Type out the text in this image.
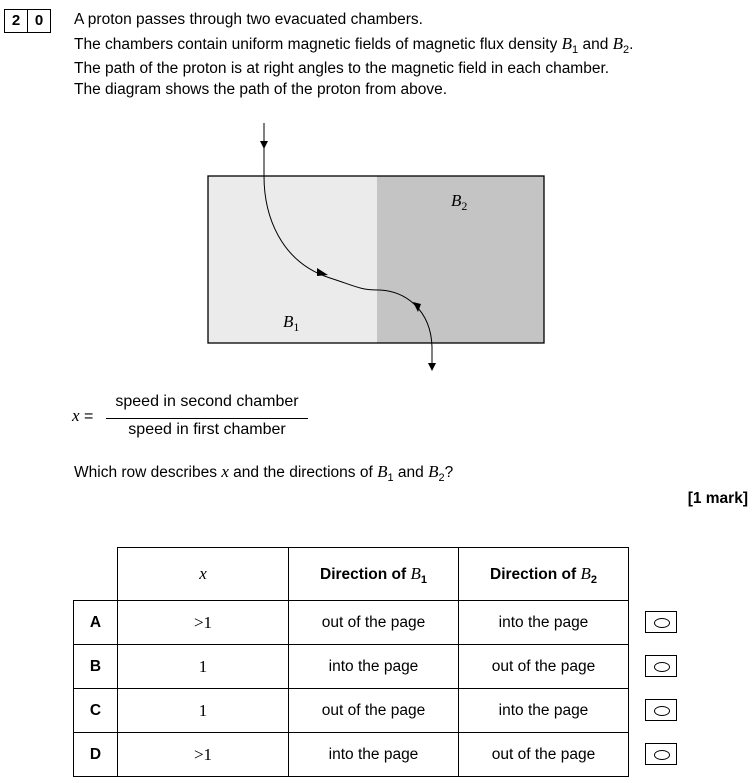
2 0	A proton passes through two evacuated chambers.
The chambers contain uniform magnetic fields of magnetic flux density $B_1$ and $B_2$.
The path of the proton is at right angles to the magnetic field in each chamber.
The diagram shows the path of the proton from above.
$B_1$
$B_2$
x =
speed in second chamber
speed in first chamber
Which row describes x and the directions of $B_1$ and $B_2$?
[1 mark]
	x	Direction of $B_1$	Direction of $B_2$
A	>1	out of the page	into the page
B	1	into the page	out of the page
C	1	out of the page	into the page
D	>1	into the page	out of the page
